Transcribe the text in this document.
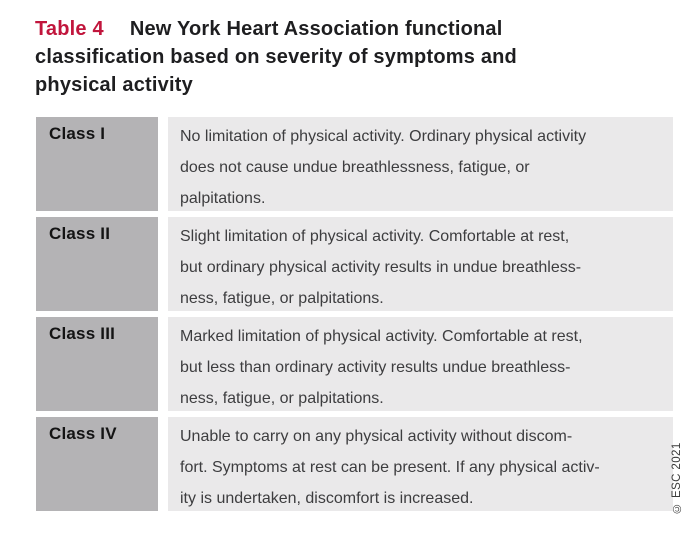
Table 4 New York Heart Association functional
classification based on severity of symptoms and
physical activity
Class I	No limitation of physical activity. Ordinary physical activity
does not cause undue breathlessness, fatigue, or
palpitations.
Class II	Slight limitation of physical activity. Comfortable at rest,
but ordinary physical activity results in undue breathless-
ness, fatigue, or palpitations.
Class III	Marked limitation of physical activity. Comfortable at rest,
but less than ordinary activity results undue breathless-
ness, fatigue, or palpitations.
Class IV	Unable to carry on any physical activity without discom-
fort. Symptoms at rest can be present. If any physical activ-
ity is undertaken, discomfort is increased.	© ESC 2021
